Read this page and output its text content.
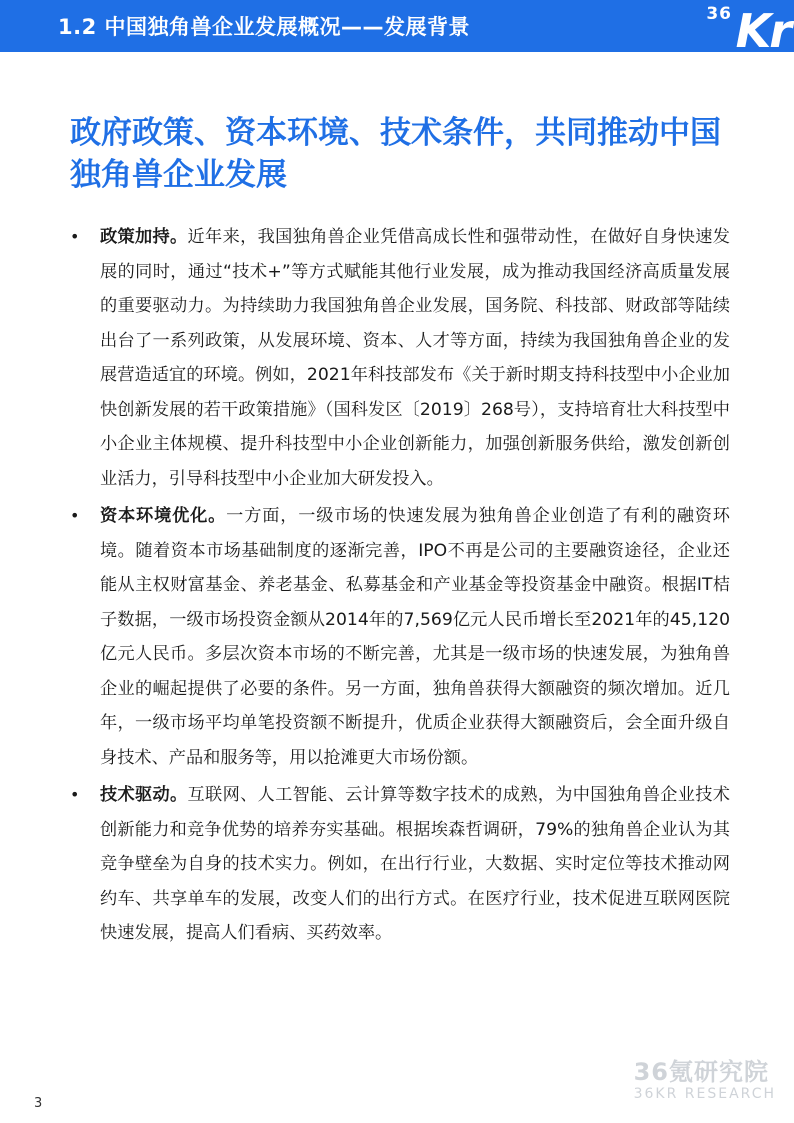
1.2 中国独角兽企业发展概况——发展背景
36 Kr
政府政策、资本环境、技术条件，共同推动中国独角兽企业发展
• 政策加持。近年来，我国独角兽企业凭借高成长性和强带动性，在做好自身快速发展的同时，通过“技术+”等方式赋能其他行业发展，成为推动我国经济高质量发展的重要驱动力。为持续助力我国独角兽企业发展，国务院、科技部、财政部等陆续出台了一系列政策，从发展环境、资本、人才等方面，持续为我国独角兽企业的发展营造适宜的环境。例如，2021年科技部发布《关于新时期支持科技型中小企业加快创新发展的若干政策措施》（国科发区〔2019〕268号），支持培育壮大科技型中小企业主体规模、提升科技型中小企业创新能力，加强创新服务供给，激发创新创业活力，引导科技型中小企业加大研发投入。
• 资本环境优化。一方面，一级市场的快速发展为独角兽企业创造了有利的融资环境。随着资本市场基础制度的逐渐完善，IPO不再是公司的主要融资途径，企业还能从主权财富基金、养老基金、私募基金和产业基金等投资基金中融资。根据IT桔子数据，一级市场投资金额从2014年的7,569亿元人民币增长至2021年的45,120亿元人民币。多层次资本市场的不断完善，尤其是一级市场的快速发展，为独角兽企业的崛起提供了必要的条件。另一方面，独角兽获得大额融资的频次增加。近几年，一级市场平均单笔投资额不断提升，优质企业获得大额融资后，会全面升级自身技术、产品和服务等，用以抢滩更大市场份额。
• 技术驱动。互联网、人工智能、云计算等数字技术的成熟，为中国独角兽企业技术创新能力和竞争优势的培养夯实基础。根据埃森哲调研，79%的独角兽企业认为其竞争壁垒为自身的技术实力。例如，在出行行业，大数据、实时定位等技术推动网约车、共享单车的发展，改变人们的出行方式。在医疗行业，技术促进互联网医院快速发展，提高人们看病、买药效率。
36氪研究院
36KR RESEARCH
3
